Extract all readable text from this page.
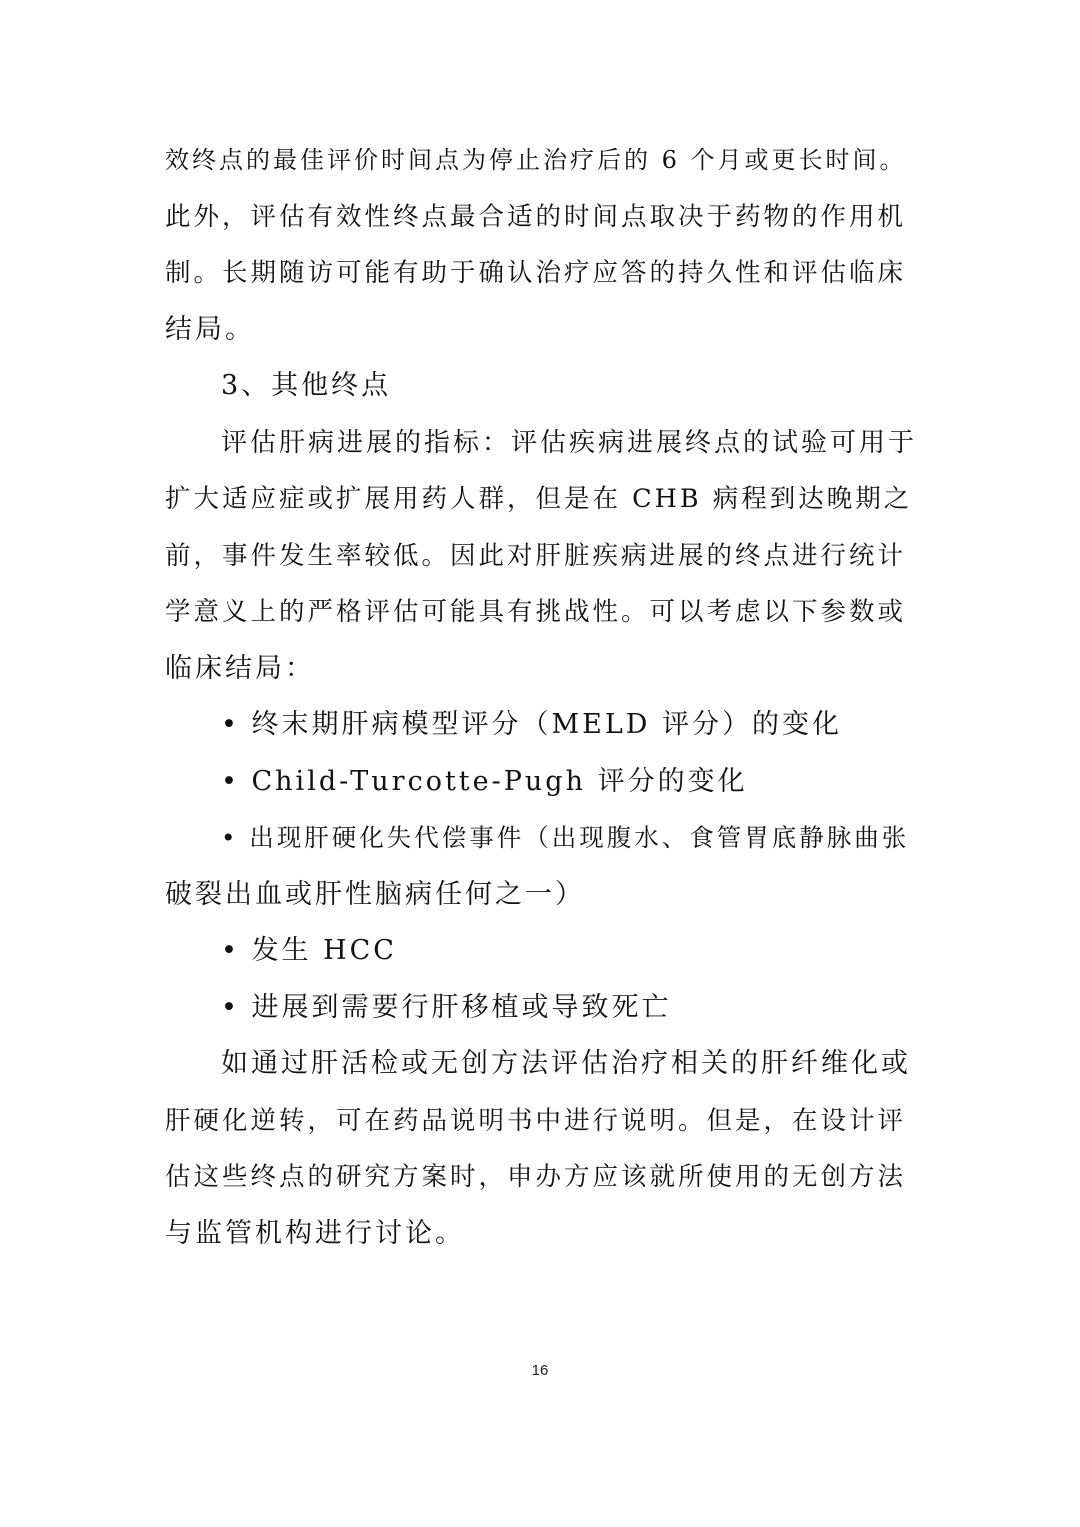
效终点的最佳评价时间点为停止治疗后的 6 个月或更长时间。
此外，评估有效性终点最合适的时间点取决于药物的作用机
制。长期随访可能有助于确认治疗应答的持久性和评估临床
结局。
3、其他终点
评估肝病进展的指标：评估疾病进展终点的试验可用于
扩大适应症或扩展用药人群，但是在 CHB 病程到达晚期之
前，事件发生率较低。因此对肝脏疾病进展的终点进行统计
学意义上的严格评估可能具有挑战性。可以考虑以下参数或
临床结局：
• 终末期肝病模型评分（MELD 评分）的变化
• Child-Turcotte-Pugh 评分的变化
• 出现肝硬化失代偿事件（出现腹水、食管胃底静脉曲张
破裂出血或肝性脑病任何之一）
• 发生 HCC
• 进展到需要行肝移植或导致死亡
如通过肝活检或无创方法评估治疗相关的肝纤维化或
肝硬化逆转，可在药品说明书中进行说明。但是，在设计评
估这些终点的研究方案时，申办方应该就所使用的无创方法
与监管机构进行讨论。
16
